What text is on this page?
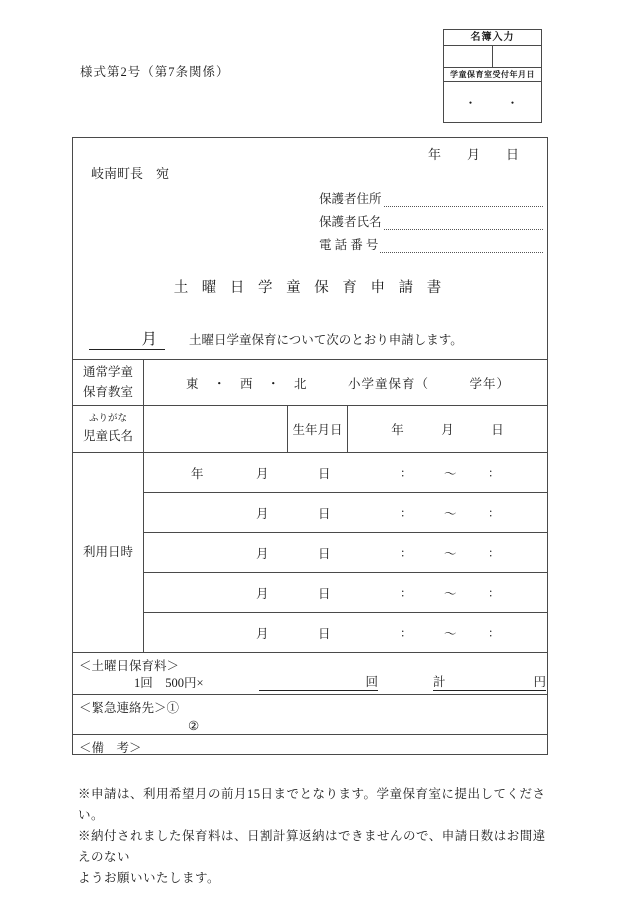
様式第2号（第7条関係）
名簿入力
学童保育室受付年月日
・　　・
年　　月　　日
岐南町長　宛
保護者住所
保護者氏名
電 話 番 号
土 曜 日 学 童 保 育 申 請 書
月	土曜日学童保育について次のとおり申請します。
通常学童
保育教室
東　・　西　・　北　　　小学童保育（　　　学年）
ふりがな
児童氏名	生年月日	年　　　月　　　日
利用日時
年	月	日	:	～	:
月	日	:	～	:
月	日	:	～	:
月	日	:	～	:
月	日	:	～	:
＜土曜日保育料＞
1回　500円×	回	計	円
＜緊急連絡先＞①
②
＜備　考＞
※申請は、利用希望月の前月15日までとなります。学童保育室に提出してください。
※納付されました保育料は、日割計算返納はできませんので、申請日数はお間違えのない
ようお願いいたします。
